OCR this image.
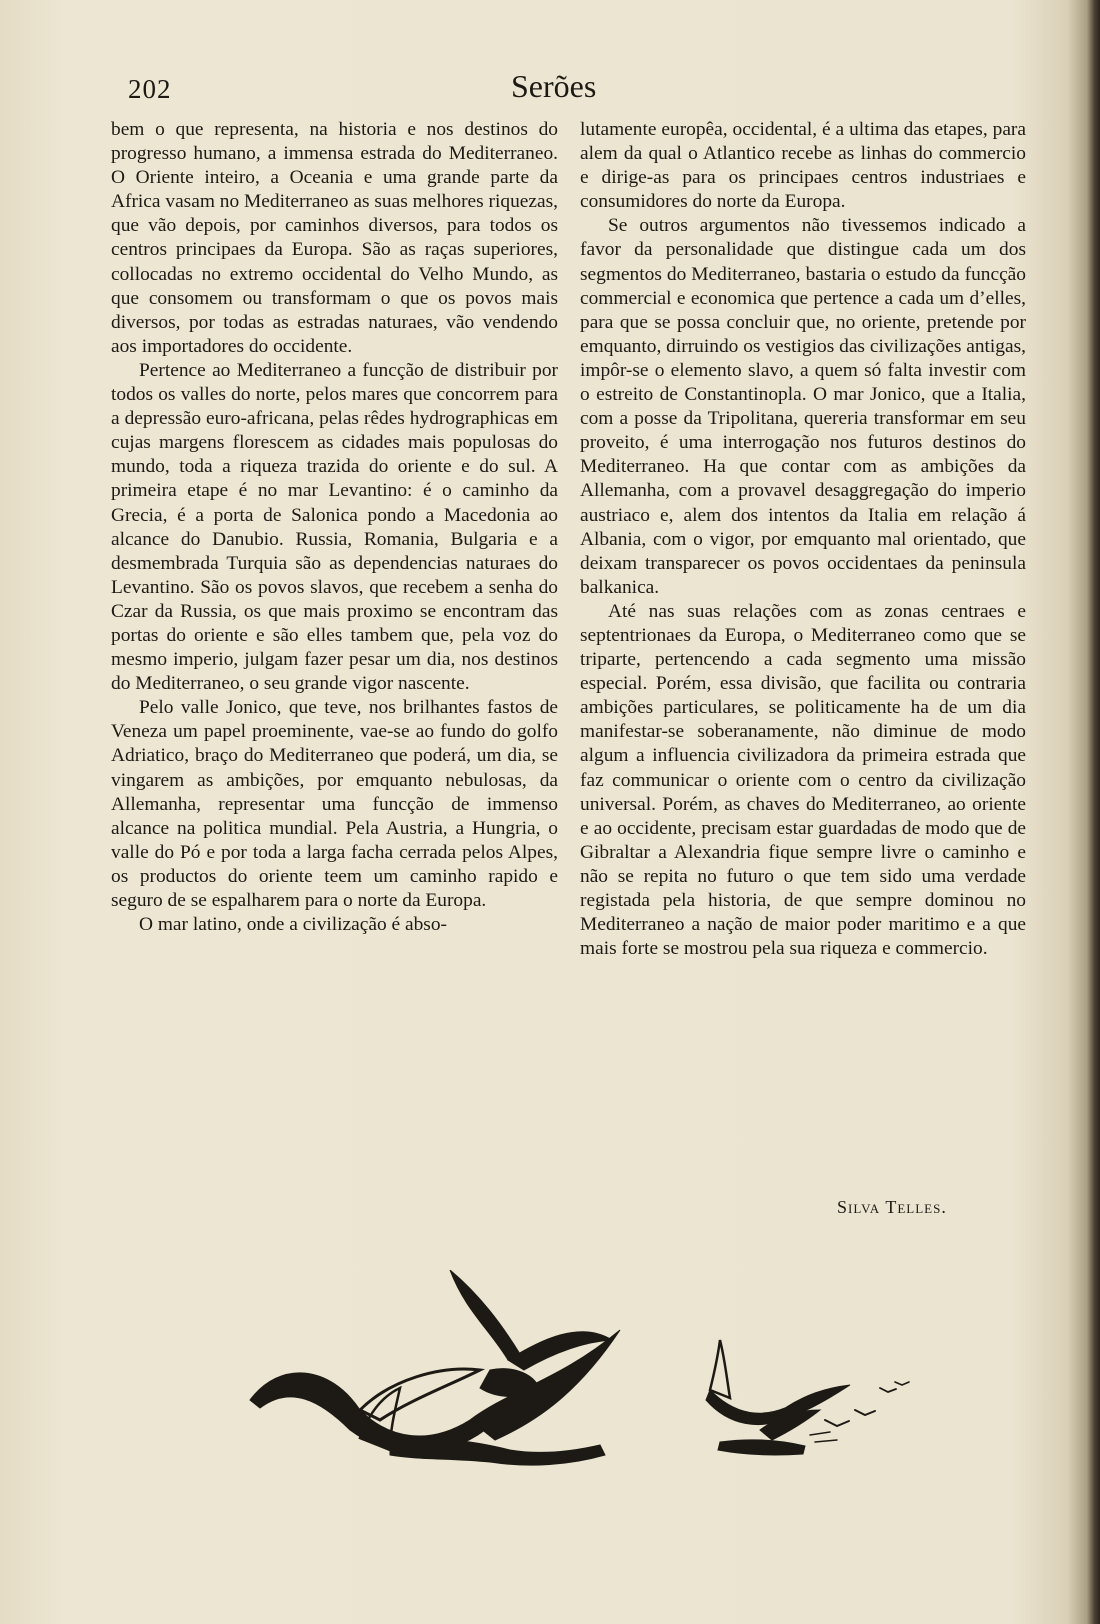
202	Serões

bem o que representa, na historia e nos destinos do progresso humano, a immensa estrada do Mediterraneo. O Oriente inteiro, a Oceania e uma grande parte da Africa vasam no Mediterraneo as suas melhores riquezas, que vão depois, por caminhos diversos, para todos os centros principaes da Europa. São as raças superiores, collocadas no extremo occidental do Velho Mundo, as que consomem ou transformam o que os povos mais diversos, por todas as estradas naturaes, vão vendendo aos importadores do occidente.

Pertence ao Mediterraneo a funcção de distribuir por todos os valles do norte, pelos mares que concorrem para a depressão euro-africana, pelas rêdes hydrographicas em cujas margens florescem as cidades mais populosas do mundo, toda a riqueza trazida do oriente e do sul. A primeira etape é no mar Levantino: é o caminho da Grecia, é a porta de Salonica pondo a Macedonia ao alcance do Danubio. Russia, Romania, Bulgaria e a desmembrada Turquia são as dependencias naturaes do Levantino. São os povos slavos, que recebem a senha do Czar da Russia, os que mais proximo se encontram das portas do oriente e são elles tambem que, pela voz do mesmo imperio, julgam fazer pesar um dia, nos destinos do Mediterraneo, o seu grande vigor nascente.

Pelo valle Jonico, que teve, nos brilhantes fastos de Veneza um papel proeminente, vae-se ao fundo do golfo Adriatico, braço do Mediterraneo que poderá, um dia, se vingarem as ambições, por emquanto nebulosas, da Allemanha, representar uma funcção de immenso alcance na politica mundial. Pela Austria, a Hungria, o valle do Pó e por toda a larga facha cerrada pelos Alpes, os productos do oriente teem um caminho rapido e seguro de se espalharem para o norte da Europa.

O mar latino, onde a civilização é abso-

lutamente europêa, occidental, é a ultima das etapes, para alem da qual o Atlantico recebe as linhas do commercio e dirige-as para os principaes centros industriaes e consumidores do norte da Europa.

Se outros argumentos não tivessemos indicado a favor da personalidade que distingue cada um dos segmentos do Mediterraneo, bastaria o estudo da funcção commercial e economica que pertence a cada um d’elles, para que se possa concluir que, no oriente, pretende por emquanto, dirruindo os vestigios das civilizações antigas, impôr-se o elemento slavo, a quem só falta investir com o estreito de Constantinopla. O mar Jonico, que a Italia, com a posse da Tripolitana, quereria transformar em seu proveito, é uma interrogação nos futuros destinos do Mediterraneo. Ha que contar com as ambições da Allemanha, com a provavel desaggregação do imperio austriaco e, alem dos intentos da Italia em relação á Albania, com o vigor, por emquanto mal orientado, que deixam transparecer os povos occidentaes da peninsula balkanica.

Até nas suas relações com as zonas centraes e septentrionaes da Europa, o Mediterraneo como que se triparte, pertencendo a cada segmento uma missão especial. Porém, essa divisão, que facilita ou contraria ambições particulares, se politicamente ha de um dia manifestar-se soberanamente, não diminue de modo algum a influencia civilizadora da primeira estrada que faz communicar o oriente com o centro da civilização universal. Porém, as chaves do Mediterraneo, ao oriente e ao occidente, precisam estar guardadas de modo que de Gibraltar a Alexandria fique sempre livre o caminho e não se repita no futuro o que tem sido uma verdade registada pela historia, de que sempre dominou no Mediterraneo a nação de maior poder maritimo e a que mais forte se mostrou pela sua riqueza e commercio.

Silva Telles.
